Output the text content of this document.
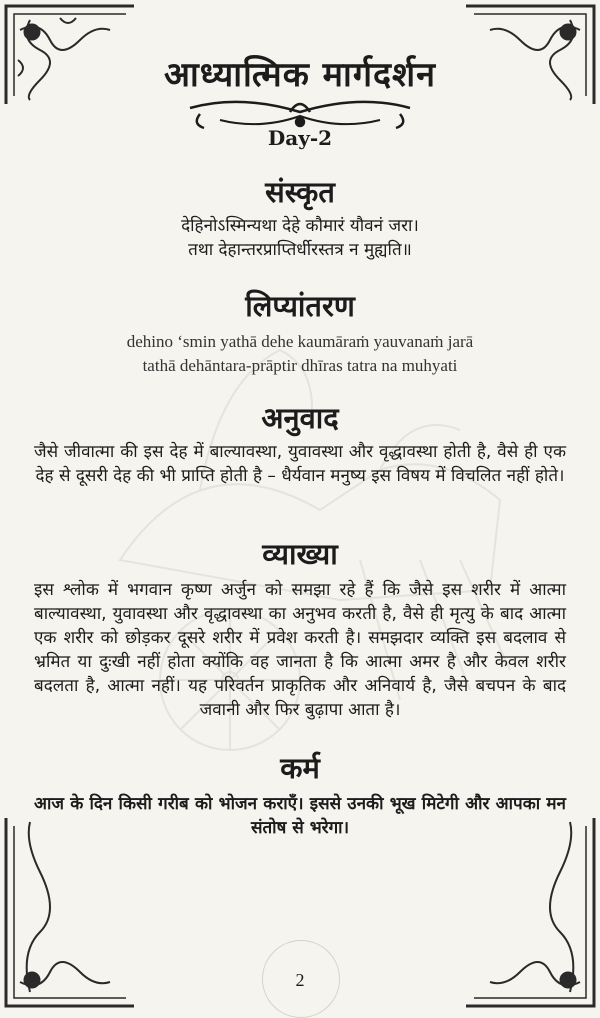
आध्यात्मिक मार्गदर्शन
Day-2
संस्कृत
देहिनोऽस्मिन्यथा देहे कौमारं यौवनं जरा।
तथा देहान्तरप्राप्तिर्धीरस्तत्र न मुह्यति॥
लिप्यांतरण
dehino ‘smin yathā dehe kaumāraṁ yauvanaṁ jarā
tathā dehāntara-prāptir dhīras tatra na muhyati
अनुवाद
जैसे जीवात्मा की इस देह में बाल्यावस्था, युवावस्था और वृद्धावस्था होती है, वैसे ही एक देह से दूसरी देह की भी प्राप्ति होती है – धैर्यवान मनुष्य इस विषय में विचलित नहीं होते।
व्याख्या
इस श्लोक में भगवान कृष्ण अर्जुन को समझा रहे हैं कि जैसे इस शरीर में आत्मा बाल्यावस्था, युवावस्था और वृद्धावस्था का अनुभव करती है, वैसे ही मृत्यु के बाद आत्मा एक शरीर को छोड़कर दूसरे शरीर में प्रवेश करती है। समझदार व्यक्ति इस बदलाव से भ्रमित या दुःखी नहीं होता क्योंकि वह जानता है कि आत्मा अमर है और केवल शरीर बदलता है, आत्मा नहीं। यह परिवर्तन प्राकृतिक और अनिवार्य है, जैसे बचपन के बाद जवानी और फिर बुढ़ापा आता है।
कर्म
आज के दिन किसी गरीब को भोजन कराएँ। इससे उनकी भूख मिटेगी और आपका मन संतोष से भरेगा।
2
